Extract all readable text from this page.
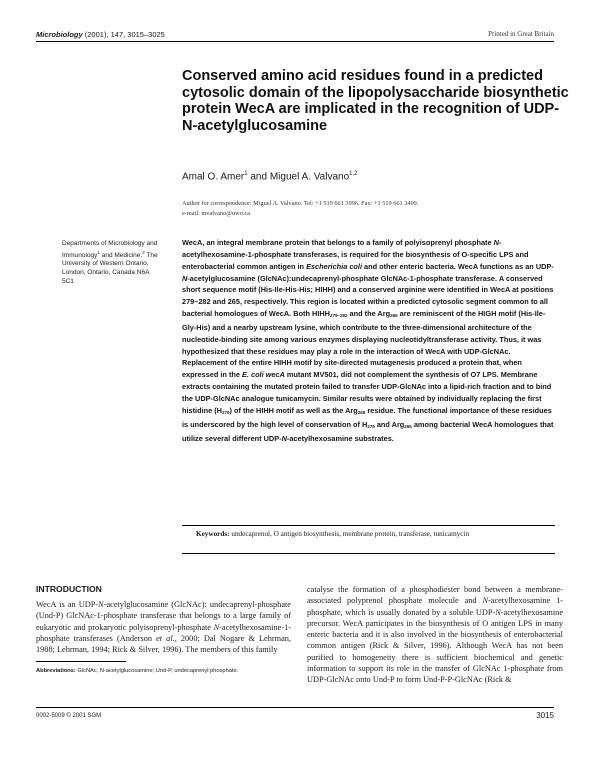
Microbiology (2001), 147, 3015–3025	Printed in Great Britain
Conserved amino acid residues found in a predicted cytosolic domain of the lipopolysaccharide biosynthetic protein WecA are implicated in the recognition of UDP-N-acetylglucosamine
Amal O. Amer$^1$ and Miguel A. Valvano$^{1,2}$
Author for correspondence: Miguel A. Valvano. Tel: +1 519 661 3996. Fax: +1 519 661 3499.
e-mail: mvalvano@uwo.ca
Departments of Microbiology and Immunology$^1$ and Medicine,$^2$ The University of Western Ontario, London, Ontario, Canada N6A 5C1
WecA, an integral membrane protein that belongs to a family of polyisoprenyl phosphate N-acetylhexosamine-1-phosphate transferases, is required for the biosynthesis of O-specific LPS and enterobacterial common antigen in Escherichia coli and other enteric bacteria. WecA functions as an UDP-N-acetylglucosamine (GlcNAc):undecaprenyl-phosphate GlcNAc-1-phosphate transferase. A conserved short sequence motif (His-Ile-His-His; HIHH) and a conserved arginine were identified in WecA at positions 279–282 and 265, respectively. This region is located within a predicted cytosolic segment common to all bacterial homologues of WecA. Both $HIHH_{279-282}$ and the Arg$_{265}$ are reminiscent of the HIGH motif (His-Ile-Gly-His) and a nearby upstream lysine, which contribute to the three-dimensional architecture of the nucleotide-binding site among various enzymes displaying nucleotidyltransferase activity. Thus, it was hypothesized that these residues may play a role in the interaction of WecA with UDP-GlcNAc. Replacement of the entire HIHH motif by site-directed mutagenesis produced a protein that, when expressed in the E. coli wecA mutant MV501, did not complement the synthesis of O7 LPS. Membrane extracts containing the mutated protein failed to transfer UDP-GlcNAc into a lipid-rich fraction and to bind the UDP-GlcNAc analogue tunicamycin. Similar results were obtained by individually replacing the first histidine $(H_{279})$ of the HIHH motif as well as the Arg$_{265}$ residue. The functional importance of these residues is underscored by the high level of conservation of $H_{279}$ and Arg$_{265}$ among bacterial WecA homologues that utilize several different UDP-N-acetylhexosamine substrates.
Keywords: undecaprenol, O antigen biosynthesis, membrane protein, transferase, tunicamycin
INTRODUCTION
WecA is an UDP-N-acetylglucosamine (GlcNAc): undecaprenyl-phosphate (Und-P) GlcNAc-1-phosphate transferase that belongs to a large family of eukaryotic and prokaryotic polyisoprenyl-phosphate N-acetylhexosamine-1-phosphate transferases (Anderson et al., 2000; Dal Nogare & Lehrman, 1988; Lehrman, 1994; Rick & Silver, 1996). The members of this family
catalyse the formation of a phosphodiester bond between a membrane-associated polyprenol phosphate molecule and N-acetylhexosamine 1-phosphate, which is usually donated by a soluble UDP-N-acetylhexosamine precursor. WecA participates in the biosynthesis of O antigen LPS in many enteric bacteria and it is also involved in the biosynthesis of enterobacterial common antigen (Rick & Silver, 1996). Although WecA has not been purified to homogeneity there is sufficient biochemical and genetic information to support its role in the transfer of GlcNAc 1-phosphate from UDP-GlcNAc onto Und-P to form Und-P-P-GlcNAc (Rick &
Abbreviations: GlcNAc, N-acetylglucosamine; Und-P, undecaprenyl phosphate.
0002-5009 © 2001 SGM	3015
